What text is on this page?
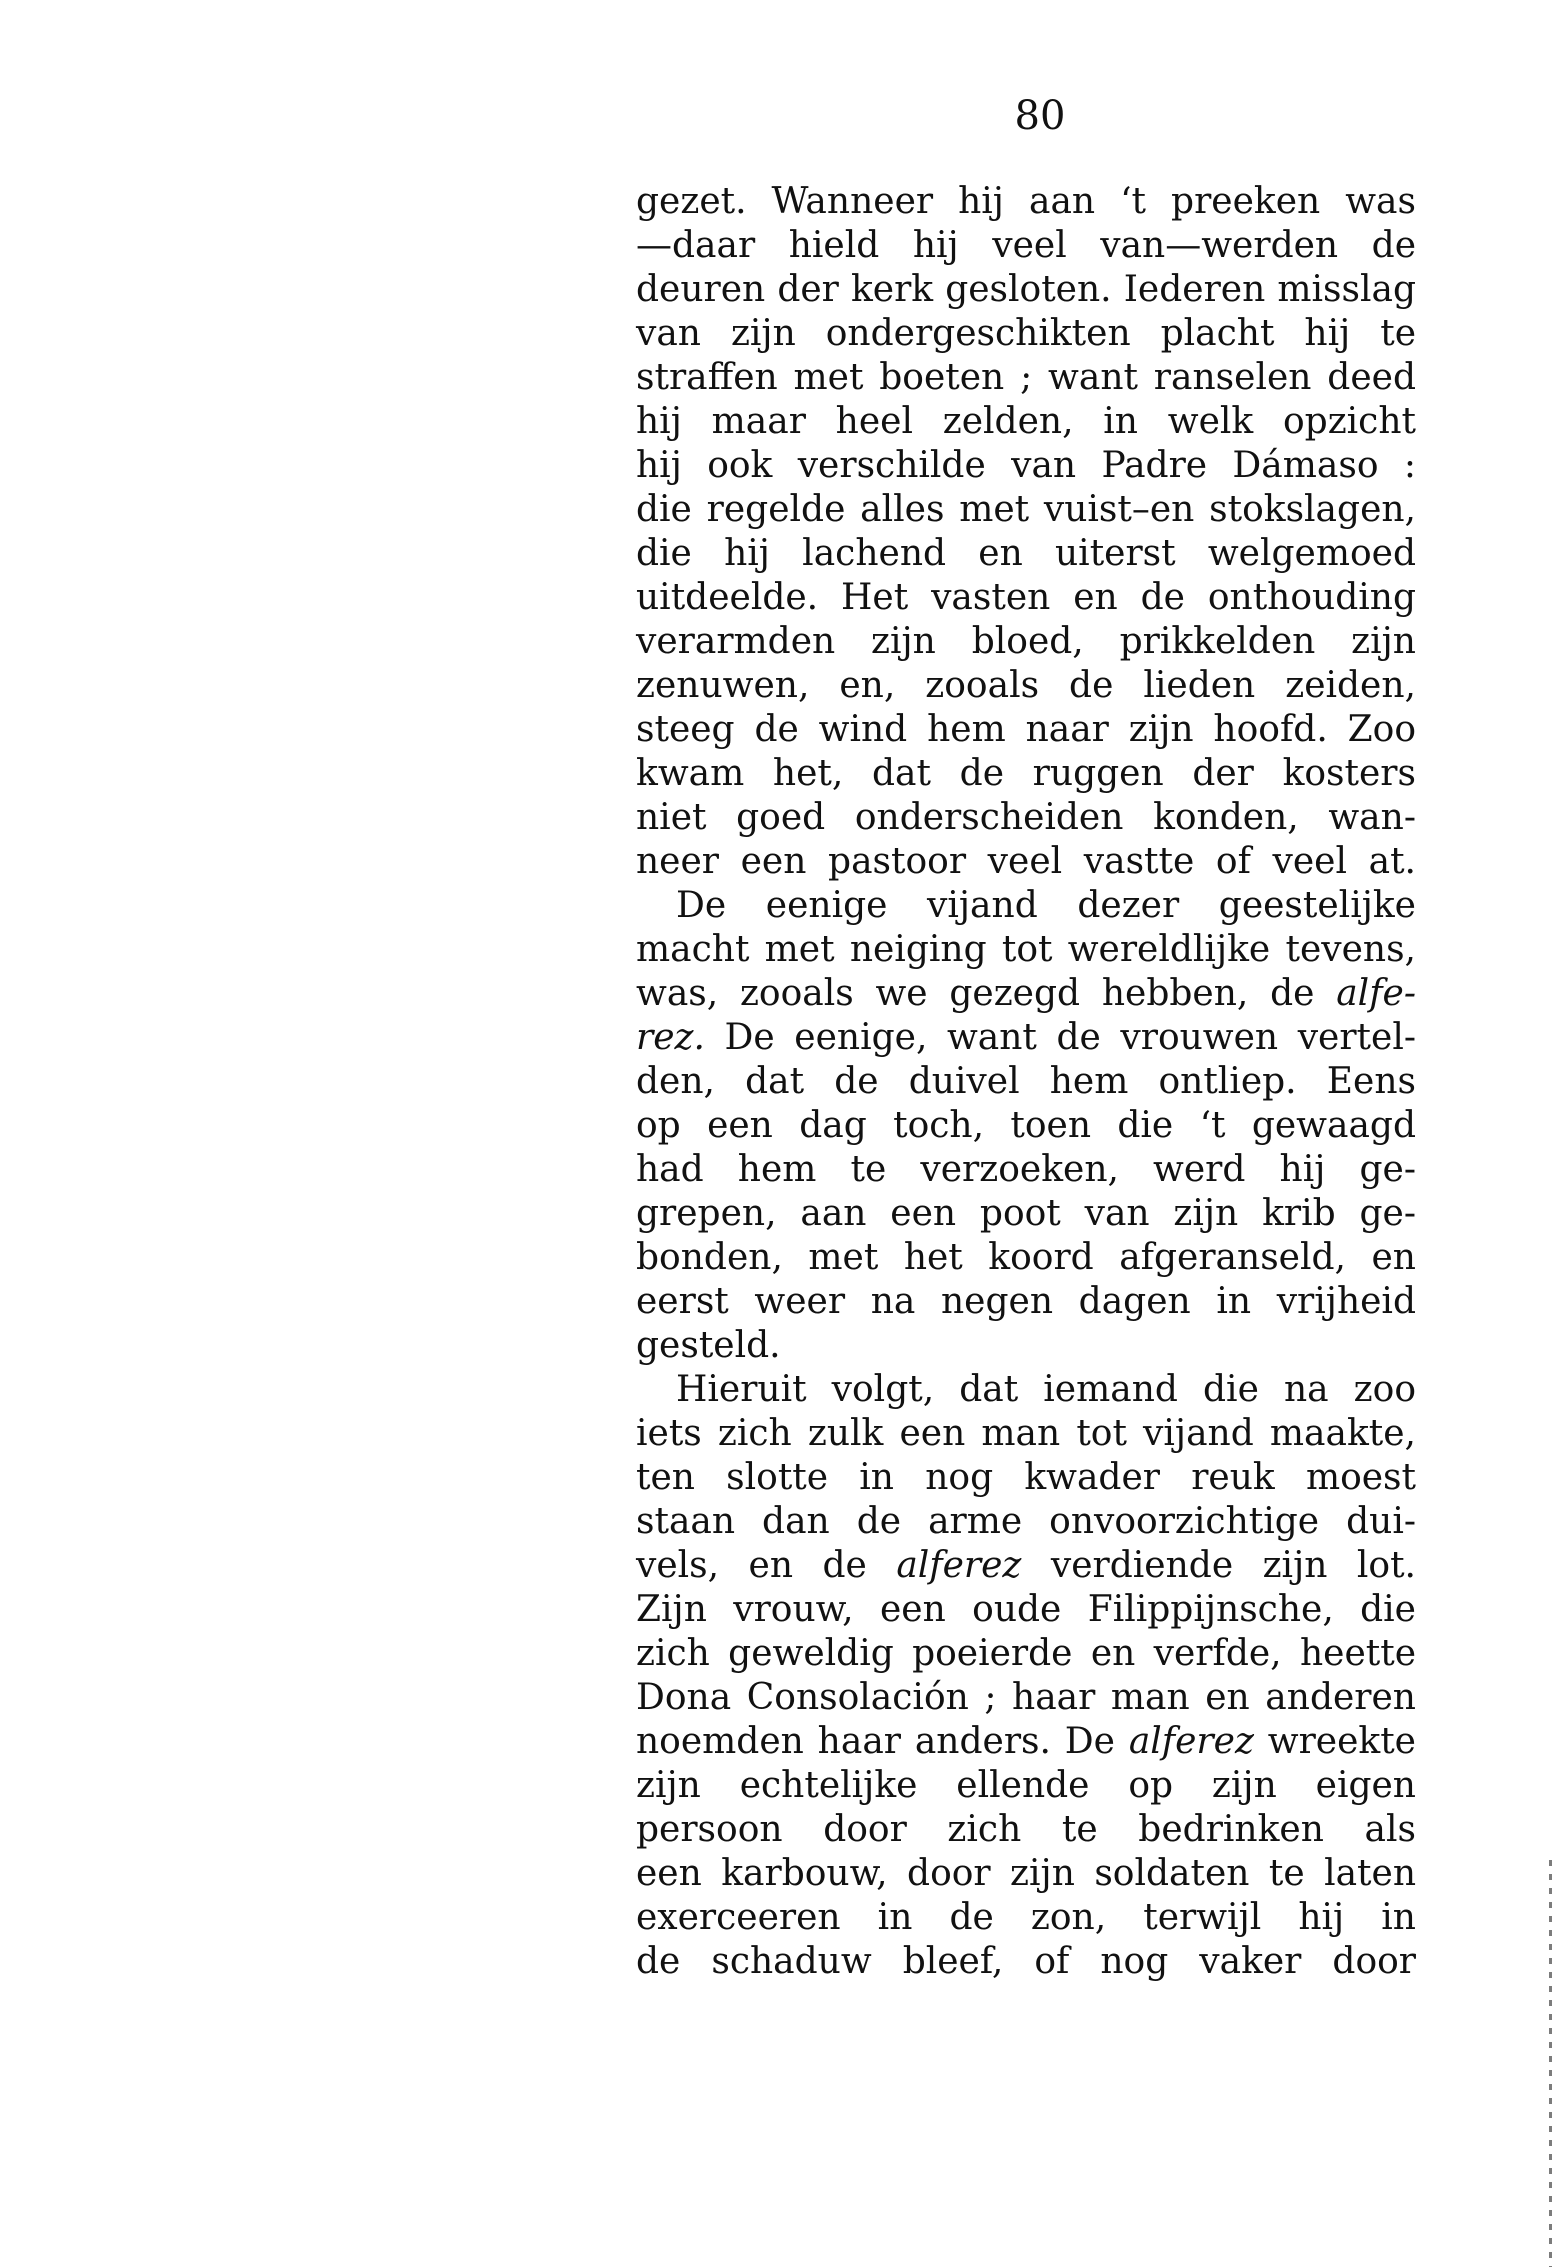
80
gezet. Wanneer hij aan ‘t preeken was
—daar hield hij veel van—werden de
deuren der kerk gesloten. Iederen misslag
van zijn ondergeschikten placht hij te
straffen met boeten ; want ranselen deed
hij maar heel zelden, in welk opzicht
hij ook verschilde van Padre Dámaso :
die regelde alles met vuist–en stokslagen,
die hij lachend en uiterst welgemoed
uitdeelde. Het vasten en de onthouding
verarmden zijn bloed, prikkelden zijn
zenuwen, en, zooals de lieden zeiden,
steeg de wind hem naar zijn hoofd. Zoo
kwam het, dat de ruggen der kosters
niet goed onderscheiden konden, wan-
neer een pastoor veel vastte of veel at.
De eenige vijand dezer geestelijke
macht met neiging tot wereldlijke tevens,
was, zooals we gezegd hebben, de alfe-
rez. De eenige, want de vrouwen vertel-
den, dat de duivel hem ontliep. Eens
op een dag toch, toen die ‘t gewaagd
had hem te verzoeken, werd hij ge-
grepen, aan een poot van zijn krib ge-
bonden, met het koord afgeranseld, en
eerst weer na negen dagen in vrijheid
gesteld.
Hieruit volgt, dat iemand die na zoo
iets zich zulk een man tot vijand maakte,
ten slotte in nog kwader reuk moest
staan dan de arme onvoorzichtige dui-
vels, en de alferez verdiende zijn lot.
Zijn vrouw, een oude Filippijnsche, die
zich geweldig poeierde en verfde, heette
Dona Consolación ; haar man en anderen
noemden haar anders. De alferez wreekte
zijn echtelijke ellende op zijn eigen
persoon door zich te bedrinken als
een karbouw, door zijn soldaten te laten
exerceeren in de zon, terwijl hij in
de schaduw bleef, of nog vaker door
